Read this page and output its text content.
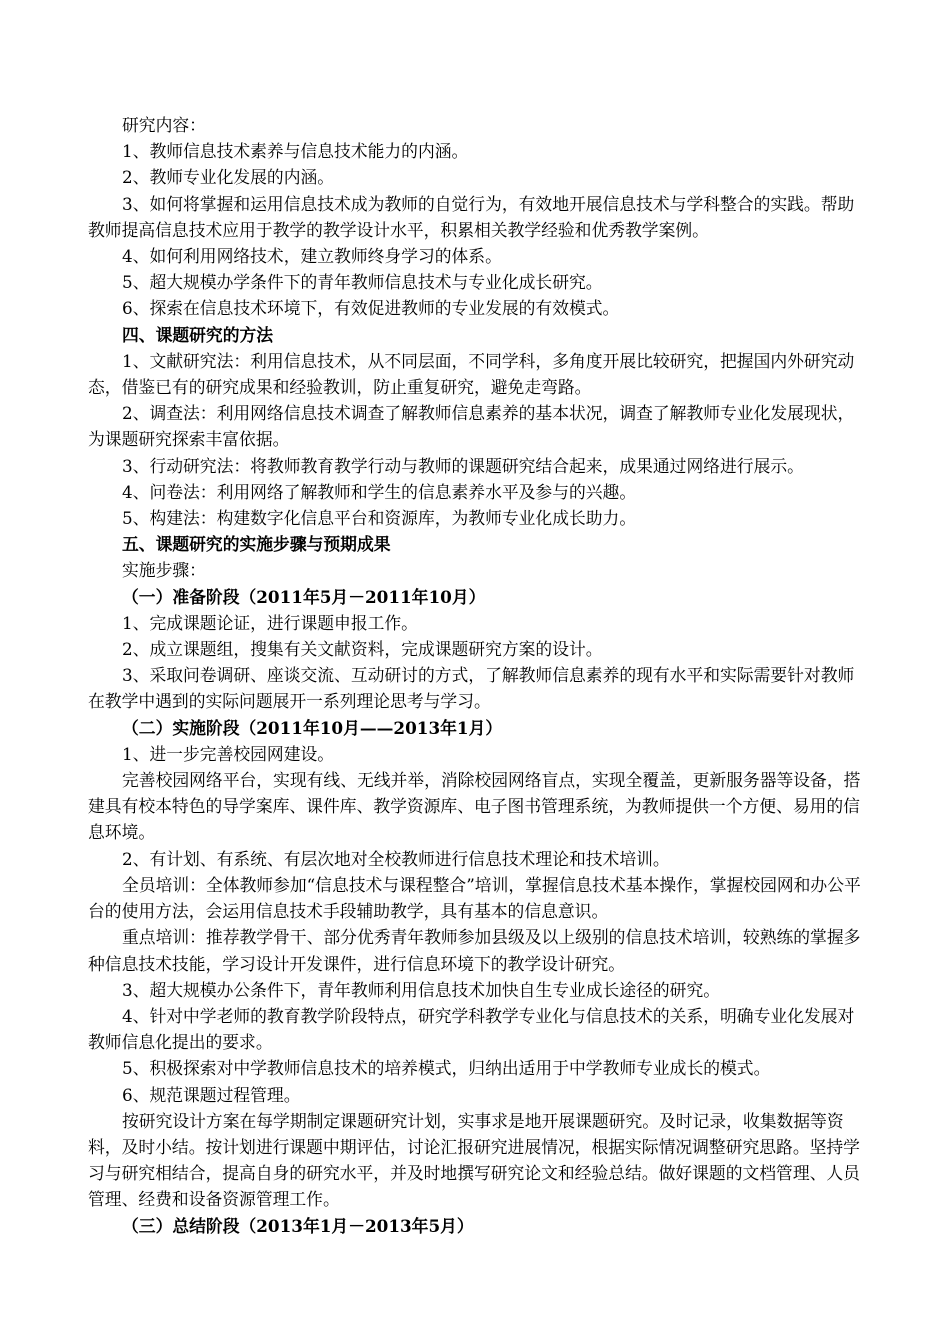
研究内容：

1、教师信息技术素养与信息技术能力的内涵。

2、教师专业化发展的内涵。

3、如何将掌握和运用信息技术成为教师的自觉行为，有效地开展信息技术与学科整合的实践。帮助教师提高信息技术应用于教学的教学设计水平，积累相关教学经验和优秀教学案例。

4、如何利用网络技术，建立教师终身学习的体系。

5、超大规模办学条件下的青年教师信息技术与专业化成长研究。

6、探索在信息技术环境下，有效促进教师的专业发展的有效模式。

四、课题研究的方法

1、文献研究法：利用信息技术，从不同层面，不同学科，多角度开展比较研究，把握国内外研究动态，借鉴已有的研究成果和经验教训，防止重复研究，避免走弯路。

2、调查法：利用网络信息技术调查了解教师信息素养的基本状况，调查了解教师专业化发展现状，为课题研究探索丰富依据。

3、行动研究法：将教师教育教学行动与教师的课题研究结合起来，成果通过网络进行展示。

4、问卷法：利用网络了解教师和学生的信息素养水平及参与的兴趣。

5、构建法：构建数字化信息平台和资源库，为教师专业化成长助力。

五、课题研究的实施步骤与预期成果

实施步骤：

（一）准备阶段（2011年5月－2011年10月）

1、完成课题论证，进行课题申报工作。

2、成立课题组，搜集有关文献资料，完成课题研究方案的设计。

3、采取问卷调研、座谈交流、互动研讨的方式，了解教师信息素养的现有水平和实际需要针对教师在教学中遇到的实际问题展开一系列理论思考与学习。

（二）实施阶段（2011年10月——2013年1月）

1、进一步完善校园网建设。

完善校园网络平台，实现有线、无线并举，消除校园网络盲点，实现全覆盖，更新服务器等设备，搭建具有校本特色的导学案库、课件库、教学资源库、电子图书管理系统，为教师提供一个方便、易用的信息环境。

2、有计划、有系统、有层次地对全校教师进行信息技术理论和技术培训。

全员培训：全体教师参加“信息技术与课程整合”培训，掌握信息技术基本操作，掌握校园网和办公平台的使用方法，会运用信息技术手段辅助教学，具有基本的信息意识。

重点培训：推荐教学骨干、部分优秀青年教师参加县级及以上级别的信息技术培训，较熟练的掌握多种信息技术技能，学习设计开发课件，进行信息环境下的教学设计研究。

3、超大规模办公条件下，青年教师利用信息技术加快自生专业成长途径的研究。

4、针对中学老师的教育教学阶段特点，研究学科教学专业化与信息技术的关系，明确专业化发展对教师信息化提出的要求。

5、积极探索对中学教师信息技术的培养模式，归纳出适用于中学教师专业成长的模式。

6、规范课题过程管理。

按研究设计方案在每学期制定课题研究计划，实事求是地开展课题研究。及时记录，收集数据等资料，及时小结。按计划进行课题中期评估，讨论汇报研究进展情况，根据实际情况调整研究思路。坚持学习与研究相结合，提高自身的研究水平，并及时地撰写研究论文和经验总结。做好课题的文档管理、人员管理、经费和设备资源管理工作。

（三）总结阶段（2013年1月－2013年5月）
